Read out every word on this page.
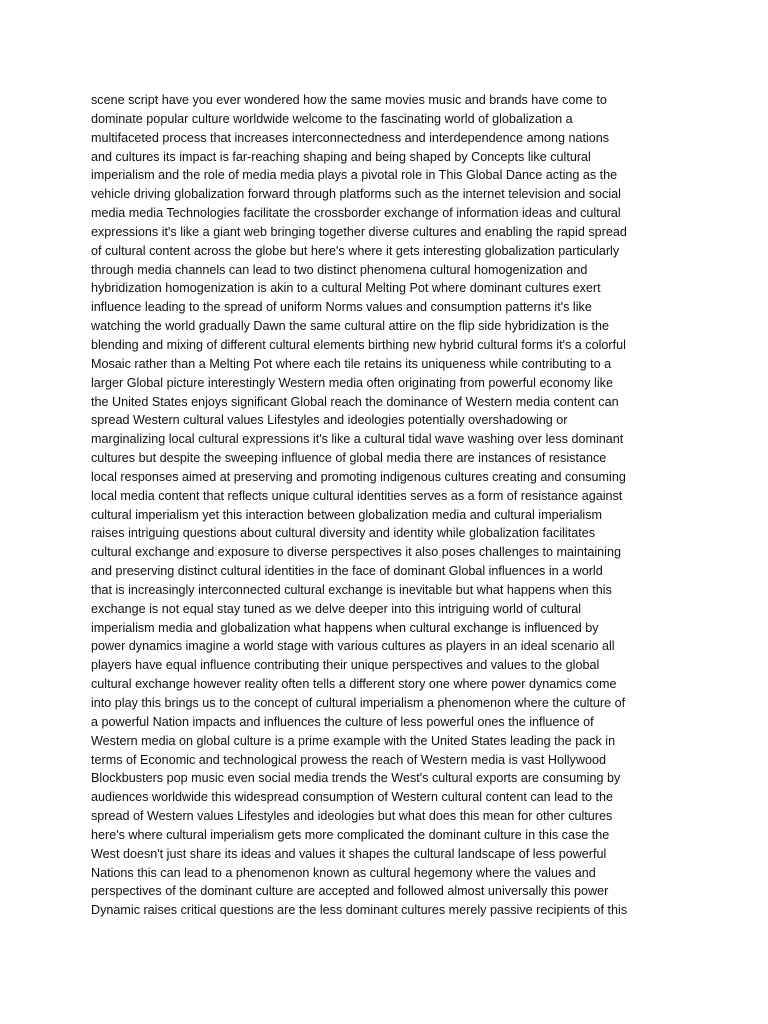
scene script have you ever wondered how the same movies music and brands have come to
dominate popular culture worldwide welcome to the fascinating world of globalization a
multifaceted process that increases interconnectedness and interdependence among nations
and cultures its impact is far-reaching shaping and being shaped by Concepts like cultural
imperialism and the role of media media plays a pivotal role in This Global Dance acting as the
vehicle driving globalization forward through platforms such as the internet television and social
media media Technologies facilitate the crossborder exchange of information ideas and cultural
expressions it's like a giant web bringing together diverse cultures and enabling the rapid spread
of cultural content across the globe but here's where it gets interesting globalization particularly
through media channels can lead to two distinct phenomena cultural homogenization and
hybridization homogenization is akin to a cultural Melting Pot where dominant cultures exert
influence leading to the spread of uniform Norms values and consumption patterns it's like
watching the world gradually Dawn the same cultural attire on the flip side hybridization is the
blending and mixing of different cultural elements birthing new hybrid cultural forms it's a colorful
Mosaic rather than a Melting Pot where each tile retains its uniqueness while contributing to a
larger Global picture interestingly Western media often originating from powerful economy like
the United States enjoys significant Global reach the dominance of Western media content can
spread Western cultural values Lifestyles and ideologies potentially overshadowing or
marginalizing local cultural expressions it's like a cultural tidal wave washing over less dominant
cultures but despite the sweeping influence of global media there are instances of resistance
local responses aimed at preserving and promoting indigenous cultures creating and consuming
local media content that reflects unique cultural identities serves as a form of resistance against
cultural imperialism yet this interaction between globalization media and cultural imperialism
raises intriguing questions about cultural diversity and identity while globalization facilitates
cultural exchange and exposure to diverse perspectives it also poses challenges to maintaining
and preserving distinct cultural identities in the face of dominant Global influences in a world
that is increasingly interconnected cultural exchange is inevitable but what happens when this
exchange is not equal stay tuned as we delve deeper into this intriguing world of cultural
imperialism media and globalization what happens when cultural exchange is influenced by
power dynamics imagine a world stage with various cultures as players in an ideal scenario all
players have equal influence contributing their unique perspectives and values to the global
cultural exchange however reality often tells a different story one where power dynamics come
into play this brings us to the concept of cultural imperialism a phenomenon where the culture of
a powerful Nation impacts and influences the culture of less powerful ones the influence of
Western media on global culture is a prime example with the United States leading the pack in
terms of Economic and technological prowess the reach of Western media is vast Hollywood
Blockbusters pop music even social media trends the West's cultural exports are consuming by
audiences worldwide this widespread consumption of Western cultural content can lead to the
spread of Western values Lifestyles and ideologies but what does this mean for other cultures
here's where cultural imperialism gets more complicated the dominant culture in this case the
West doesn't just share its ideas and values it shapes the cultural landscape of less powerful
Nations this can lead to a phenomenon known as cultural hegemony where the values and
perspectives of the dominant culture are accepted and followed almost universally this power
Dynamic raises critical questions are the less dominant cultures merely passive recipients of this
